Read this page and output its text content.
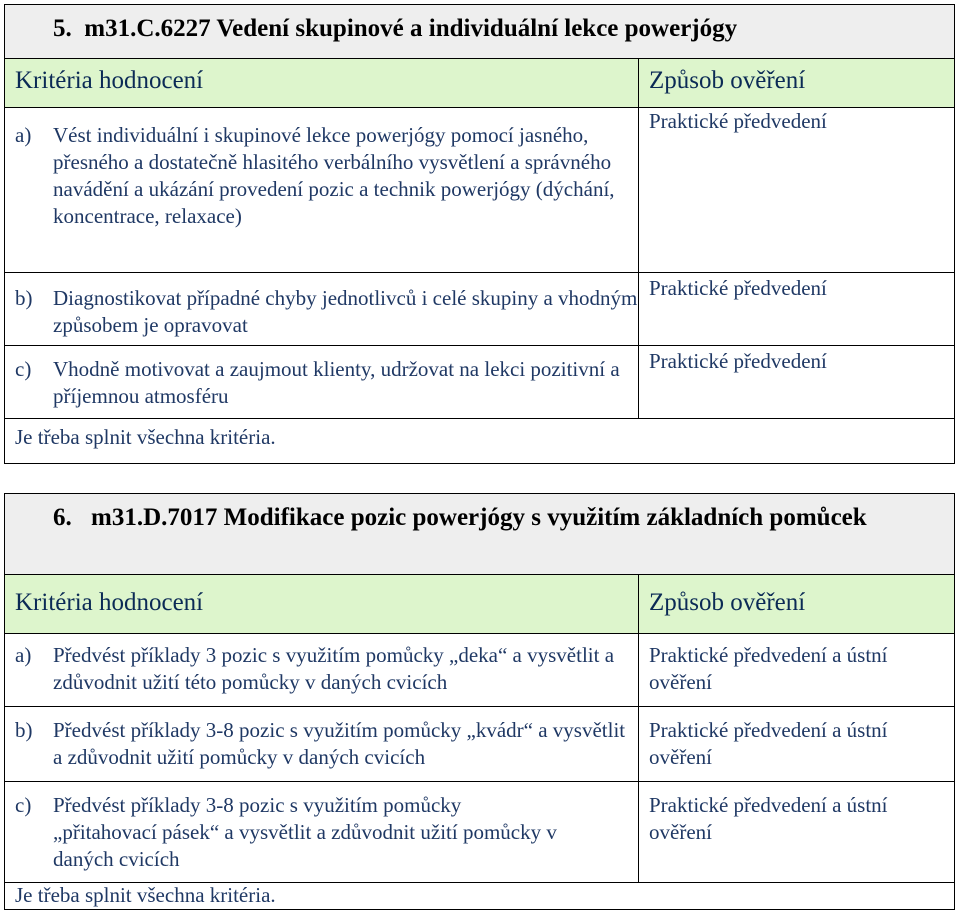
5. m31.C.6227 Vedení skupinové a individuální lekce powerjógy	
Kritéria hodnocení	Způsob ověření

a) Vést individuální i skupinové lekce powerjógy pomocí jasného, přesného a dostatečně hlasitého verbálního vysvětlení a správného navádění a ukázání provedení pozic a technik powerjógy (dýchání, koncentrace, relaxace)	Praktické předvedení

b) Diagnostikovat případné chyby jednotlivců i celé skupiny a vhodným způsobem je opravovat	Praktické předvedení

c) Vhodně motivovat a zaujmout klienty, udržovat na lekci pozitivní a příjemnou atmosféru	Praktické předvedení
Je třeba splnit všechna kritéria.	
6. m31.D.7017 Modifikace pozic powerjógy s využitím základních pomůcek	

Kritéria hodnocení	Způsob ověření

a) Předvést příklady 3 pozic s využitím pomůcky „deka“ a vysvětlit a zdůvodnit užití této pomůcky v daných cvicích	Praktické předvedení a ústní ověření

b) Předvést příklady 3-8 pozic s využitím pomůcky „kvádr“ a vysvětlit a zdůvodnit užití pomůcky v daných cvicích	Praktické předvedení a ústní ověření

c) Předvést příklady 3-8 pozic s využitím pomůcky „přitahovací pásek“ a vysvětlit a zdůvodnit užití pomůcky v daných cvicích	Praktické předvedení a ústní ověření
Je třeba splnit všechna kritéria.	
